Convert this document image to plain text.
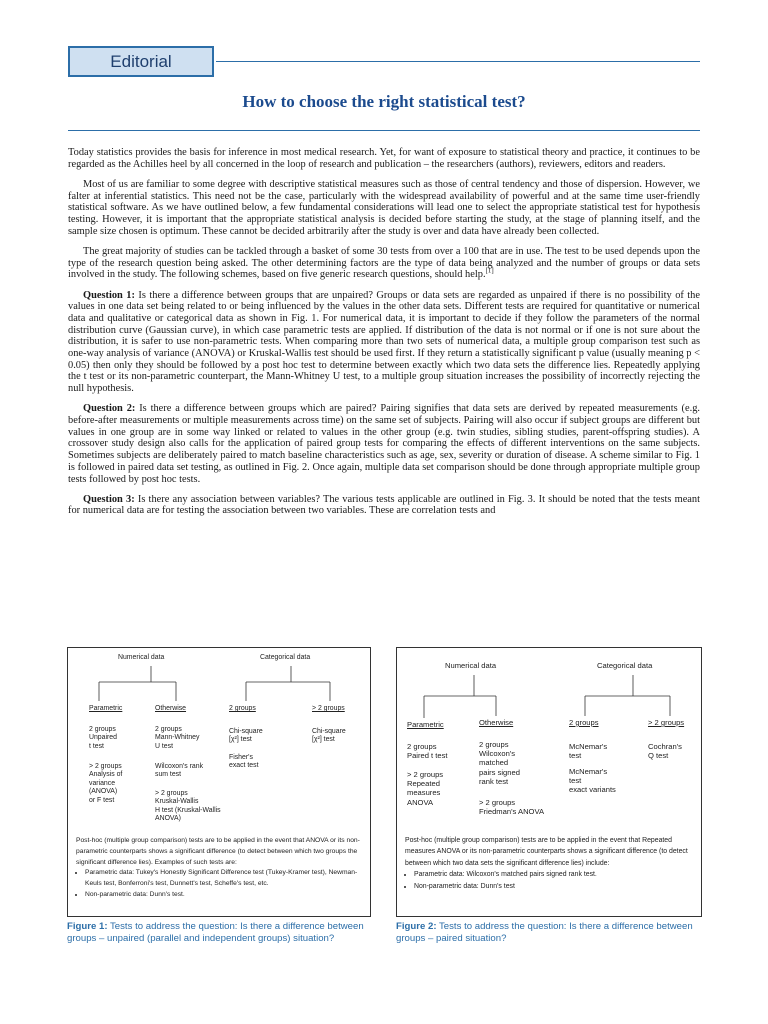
Editorial
How to choose the right statistical test?

Today statistics provides the basis for inference in most medical research. Yet, for want of exposure to statistical theory and practice, it continues to be regarded as the Achilles heel by all concerned in the loop of research and publication – the researchers (authors), reviewers, editors and readers.

Most of us are familiar to some degree with descriptive statistical measures such as those of central tendency and those of dispersion. However, we falter at inferential statistics. This need not be the case, particularly with the widespread availability of powerful and at the same time user-friendly statistical software. As we have outlined below, a few fundamental considerations will lead one to select the appropriate statistical test for hypothesis testing. However, it is important that the appropriate statistical analysis is decided before starting the study, at the stage of planning itself, and the sample size chosen is optimum. These cannot be decided arbitrarily after the study is over and data have already been collected.

The great majority of studies can be tackled through a basket of some 30 tests from over a 100 that are in use. The test to be used depends upon the type of the research question being asked. The other determining factors are the type of data being analyzed and the number of groups or data sets involved in the study. The following schemes, based on five generic research questions, should help.[1]

Question 1: Is there a difference between groups that are unpaired? Groups or data sets are regarded as unpaired if there is no possibility of the values in one data set being related to or being influenced by the values in the other data sets. Different tests are required for quantitative or numerical data and qualitative or categorical data as shown in Fig. 1. For numerical data, it is important to decide if they follow the parameters of the normal distribution curve (Gaussian curve), in which case parametric tests are applied. If distribution of the data is not normal or if one is not sure about the distribution, it is safer to use non-parametric tests. When comparing more than two sets of numerical data, a multiple group comparison test such as one-way analysis of variance (ANOVA) or Kruskal-Wallis test should be used first. If they return a statistically significant p value (usually meaning p < 0.05) then only they should be followed by a post hoc test to determine between exactly which two data sets the difference lies. Repeatedly applying the t test or its non-parametric counterpart, the Mann-Whitney U test, to a multiple group situation increases the possibility of incorrectly rejecting the null hypothesis.

Question 2: Is there a difference between groups which are paired? Pairing signifies that data sets are derived by repeated measurements (e.g. before-after measurements or multiple measurements across time) on the same set of subjects. Pairing will also occur if subject groups are different but values in one group are in some way linked or related to values in the other group (e.g. twin studies, sibling studies, parent-offspring studies). A crossover study design also calls for the application of paired group tests for comparing the effects of different interventions on the same subjects. Sometimes subjects are deliberately paired to match baseline characteristics such as age, sex, severity or duration of disease. A scheme similar to Fig. 1 is followed in paired data set testing, as outlined in Fig. 2. Once again, multiple data set comparison should be done through appropriate multiple group tests followed by post hoc tests.

Question 3: Is there any association between variables? The various tests applicable are outlined in Fig. 3. It should be noted that the tests meant for numerical data are for testing the association between two variables. These are correlation tests and

Numerical data	Categorical data
Parametric	Otherwise	2 groups	> 2 groups
2 groups
Unpaired
t test
> 2 groups
Analysis of
variance
(ANOVA)
or F test
2 groups
Mann-Whitney
U test
Wilcoxon's rank
sum test
> 2 groups
Kruskal-Wallis
H test (Kruskal-Wallis
ANOVA)
Chi-square
[χ²] test
Fisher's
exact test
Chi-square
[χ²] test
Post-hoc (multiple group comparison) tests are to be applied in the event that ANOVA or its non-parametric counterparts shows a significant difference (to detect between which two groups the significant difference lies). Examples of such tests are:
• Parametric data: Tukey's Honestly Significant Difference test (Tukey-Kramer test), Newman-Keuls test, Bonferroni's test, Dunnett's test, Scheffe's test, etc.
• Non-parametric data: Dunn's test.
Numerical data	Categorical data
Parametric	Otherwise	2 groups	> 2 groups
2 groups
Paired t test
> 2 groups
Repeated
measures
ANOVA
2 groups
Wilcoxon's
matched
pairs signed
rank test
> 2 groups
Friedman's ANOVA
McNemar's
test
McNemar's
test
exact variants
Cochran's
Q test
Post-hoc (multiple group comparison) tests are to be applied in the event that Repeated measures ANOVA or its non-parametric counterparts shows a significant difference (to detect between which two data sets the significant difference lies) include:
• Parametric data: Wilcoxon's matched pairs signed rank test.
• Non-parametric data: Dunn's test
Figure 1: Tests to address the question: Is there a difference between groups – unpaired (parallel and independent groups) situation?
Figure 2: Tests to address the question: Is there a difference between groups – paired situation?
